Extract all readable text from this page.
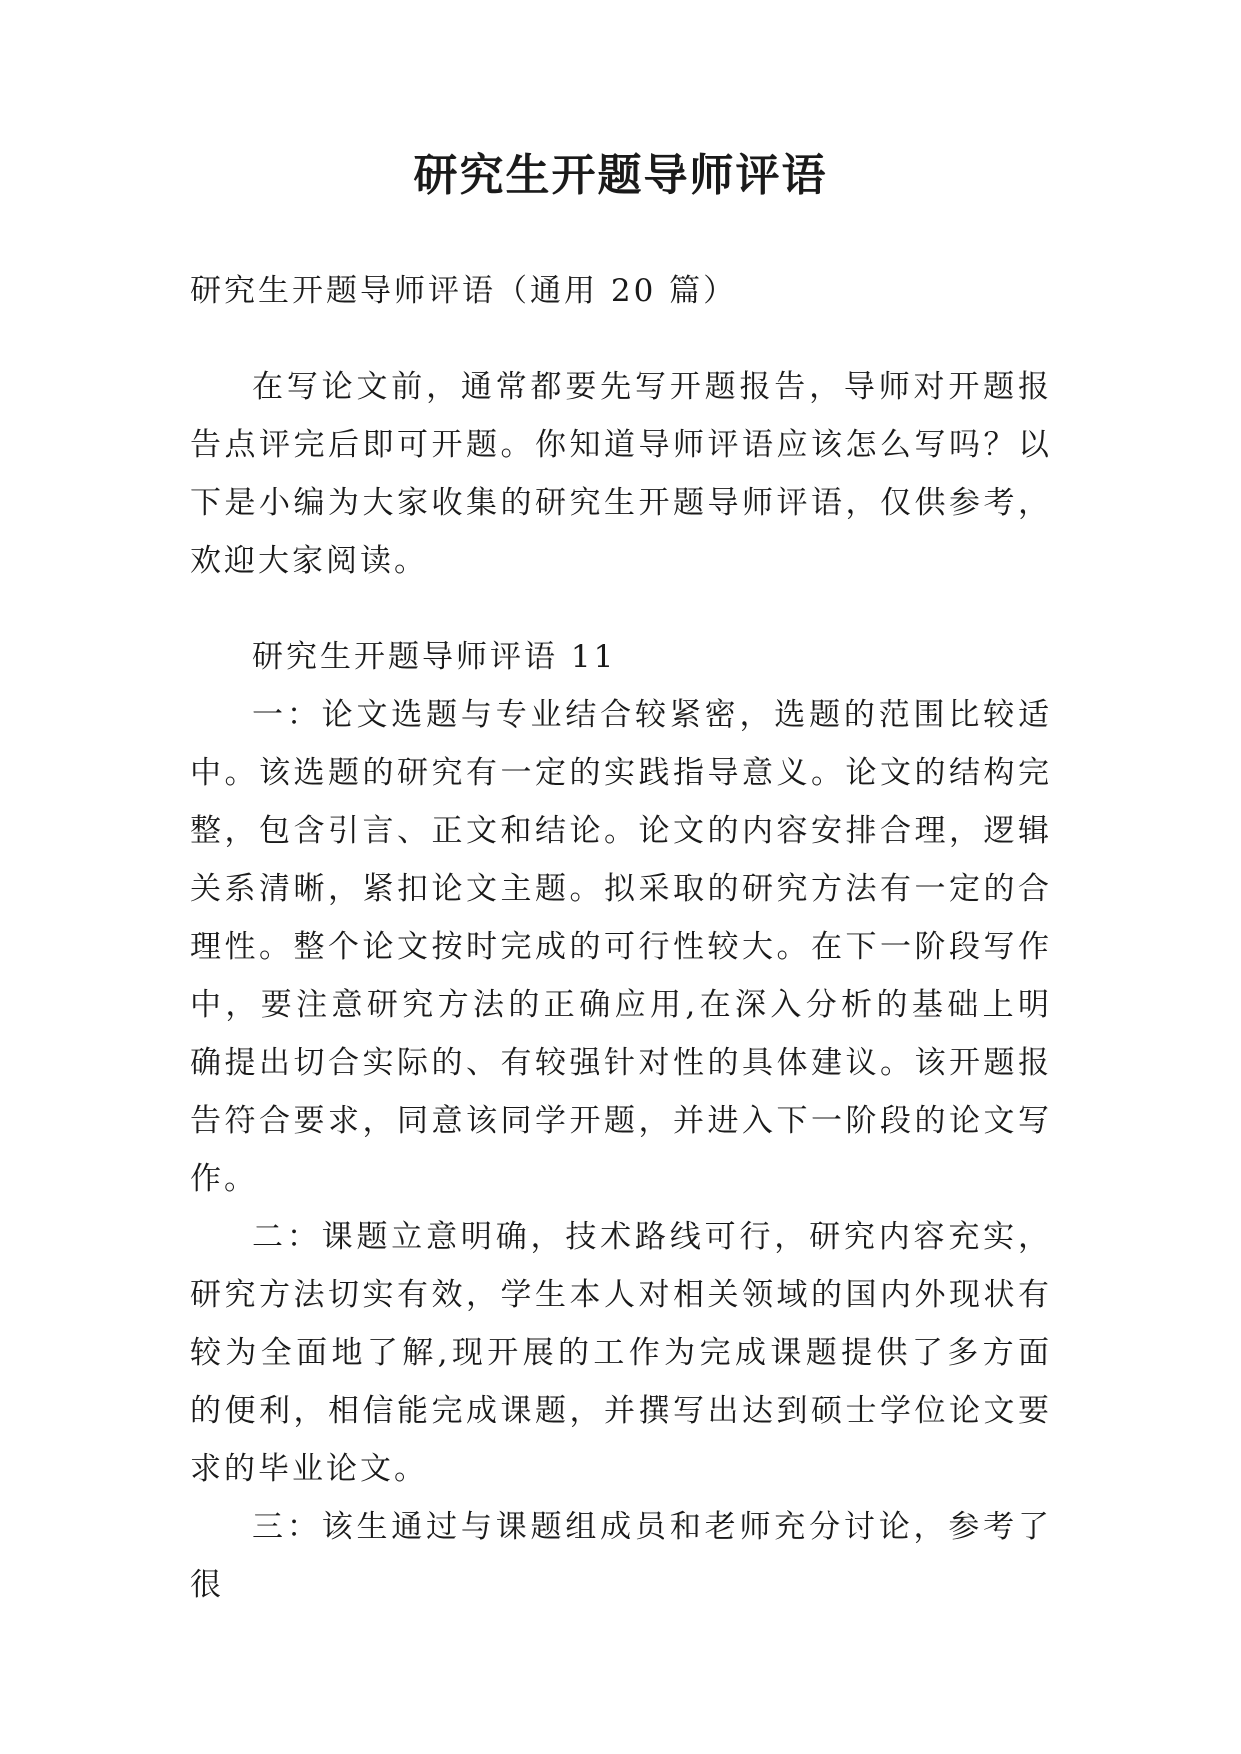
研究生开题导师评语

研究生开题导师评语（通用 20 篇）

在写论文前，通常都要先写开题报告，导师对开题报告点评完后即可开题。你知道导师评语应该怎么写吗？以下是小编为大家收集的研究生开题导师评语，仅供参考，欢迎大家阅读。

研究生开题导师评语 11

一：论文选题与专业结合较紧密，选题的范围比较适中。该选题的研究有一定的实践指导意义。论文的结构完整，包含引言、正文和结论。论文的内容安排合理，逻辑关系清晰，紧扣论文主题。拟采取的研究方法有一定的合理性。整个论文按时完成的可行性较大。在下一阶段写作中，要注意研究方法的正确应用,在深入分析的基础上明确提出切合实际的、有较强针对性的具体建议。该开题报告符合要求，同意该同学开题，并进入下一阶段的论文写作。

二：课题立意明确，技术路线可行，研究内容充实，研究方法切实有效，学生本人对相关领域的国内外现状有较为全面地了解,现开展的工作为完成课题提供了多方面的便利，相信能完成课题，并撰写出达到硕士学位论文要求的毕业论文。

三：该生通过与课题组成员和老师充分讨论，参考了很
